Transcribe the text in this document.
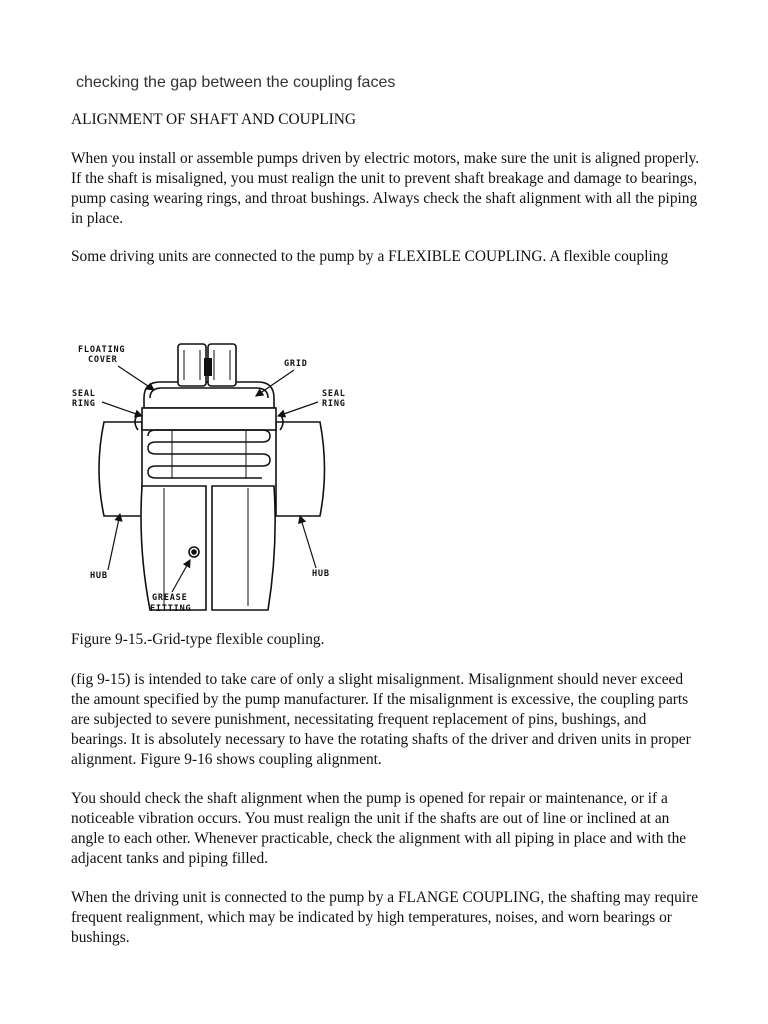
checking the gap between the coupling faces

ALIGNMENT OF SHAFT AND COUPLING

When you install or assemble pumps driven by electric motors, make sure the unit is aligned properly. If the shaft is misaligned, you must realign the unit to prevent shaft breakage and damage to bearings, pump casing wearing rings, and throat bushings. Always check the shaft alignment with all the piping in place.

Some driving units are connected to the pump by a FLEXIBLE COUPLING. A flexible coupling

FLOATING
COVER	GRID
SEAL
RING
SEAL
RING
HUB	HUB
GREASE
FITTING

Figure 9-15.-Grid-type flexible coupling.

(fig 9-15) is intended to take care of only a slight misalignment. Misalignment should never exceed the amount specified by the pump manufacturer. If the misalignment is excessive, the coupling parts are subjected to severe punishment, necessitating frequent replacement of pins, bushings, and bearings. It is absolutely necessary to have the rotating shafts of the driver and driven units in proper alignment. Figure 9-16 shows coupling alignment.

You should check the shaft alignment when the pump is opened for repair or maintenance, or if a noticeable vibration occurs. You must realign the unit if the shafts are out of line or inclined at an angle to each other. Whenever practicable, check the alignment with all piping in place and with the adjacent tanks and piping filled.

When the driving unit is connected to the pump by a FLANGE COUPLING, the shafting may require frequent realignment, which may be indicated by high temperatures, noises, and worn bearings or bushings.
